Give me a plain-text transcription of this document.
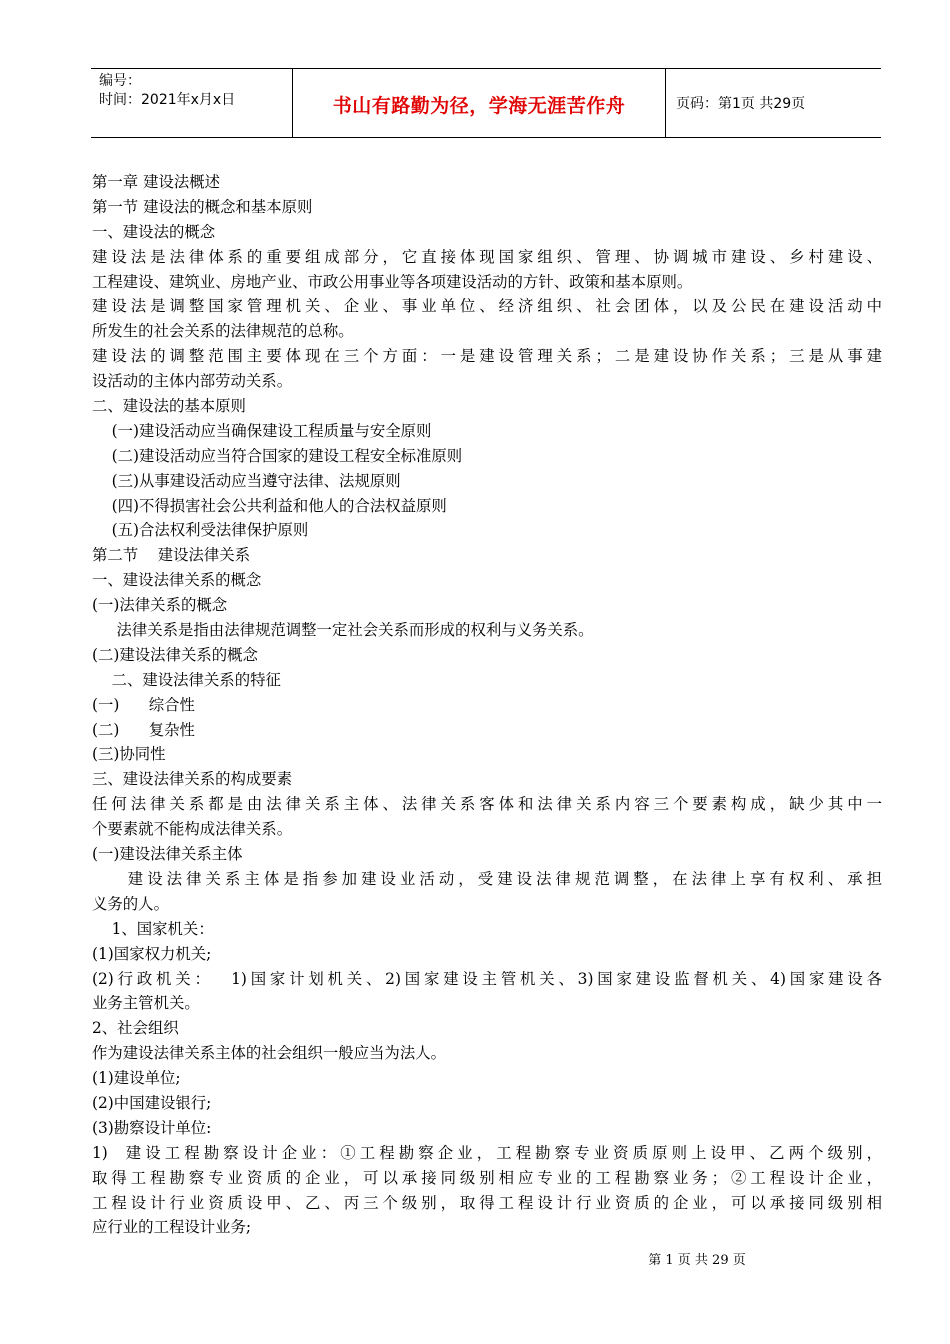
编号：
时间：2021年x月x日	书山有路勤为径，学海无涯苦作舟	页码：第1页 共29页
第一章 建设法概述
第一节 建设法的概念和基本原则
一、建设法的概念
建设法是法律体系的重要组成部分，它直接体现国家组织、管理、协调城市建设、乡村建设、
工程建设、建筑业、房地产业、市政公用事业等各项建设活动的方针、政策和基本原则。
建设法是调整国家管理机关、企业、事业单位、经济组织、社会团体，以及公民在建设活动中
所发生的社会关系的法律规范的总称。
建设法的调整范围主要体现在三个方面：一是建设管理关系；二是建设协作关系；三是从事建
设活动的主体内部劳动关系。
二、建设法的基本原则
(一)建设活动应当确保建设工程质量与安全原则
(二)建设活动应当符合国家的建设工程安全标准原则
(三)从事建设活动应当遵守法律、法规原则
(四)不得损害社会公共利益和他人的合法权益原则
(五)合法权利受法律保护原则
第二节    建设法律关系
一、建设法律关系的概念
(一)法律关系的概念
法律关系是指由法律规范调整一定社会关系而形成的权利与义务关系。
(二)建设法律关系的概念
二、建设法律关系的特征
(一)      综合性
(二)      复杂性
(三)协同性
三、建设法律关系的构成要素
任何法律关系都是由法律关系主体、法律关系客体和法律关系内容三个要素构成，缺少其中一
个要素就不能构成法律关系。
(一)建设法律关系主体
建设法律关系主体是指参加建设业活动，受建设法律规范调整，在法律上享有权利、承担
义务的人。
1、国家机关：
(1)国家权力机关;
(2)行政机关：  1)国家计划机关、2)国家建设主管机关、3)国家建设监督机关、4)国家建设各
业务主管机关。
2、社会组织
作为建设法律关系主体的社会组织一般应当为法人。
(1)建设单位;
(2)中国建设银行;
(3)勘察设计单位:
1)  建设工程勘察设计企业：①工程勘察企业，工程勘察专业资质原则上设甲、乙两个级别，
取得工程勘察专业资质的企业，可以承接同级别相应专业的工程勘察业务；②工程设计企业，
工程设计行业资质设甲、乙、丙三个级别，取得工程设计行业资质的企业，可以承接同级别相
应行业的工程设计业务;
第 1 页 共 29 页
